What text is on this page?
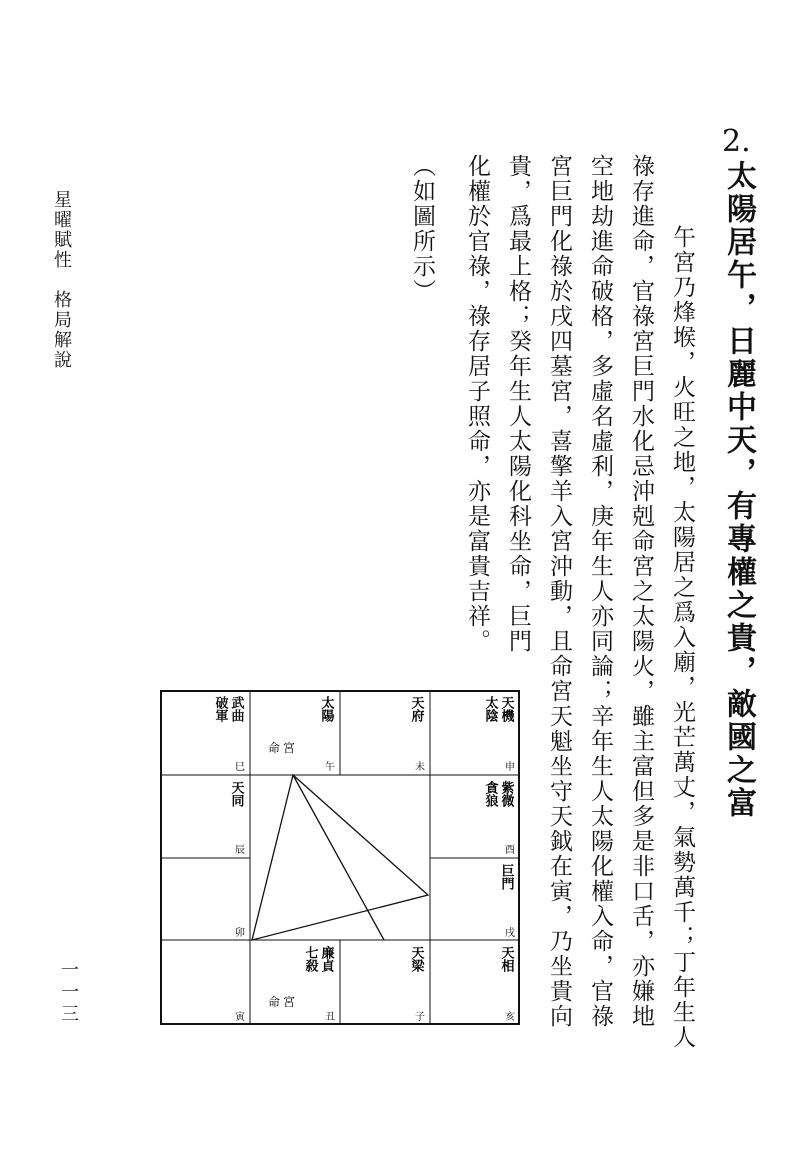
星曜賦性　格局解說
一一三
2.
太陽居午，日麗中天，有專權之貴，敵國之富
　午宮乃烽堠，火旺之地，太陽居之爲入廟，光芒萬丈，氣勢萬千；丁年生人
祿存進命，官祿宮巨門水化忌沖剋命宮之太陽火，雖主富但多是非口舌，亦嫌地
空地劫進命破格，多虛名虛利，庚年生人亦同論；辛年生人太陽化權入命，官祿
宮巨門化祿於戌四墓宮，喜擎羊入宮沖動，且命宮天魁坐守天鉞在寅，乃坐貴向
貴，爲最上格；癸年生人太陽化科坐命，巨門
化權於官祿，祿存居子照命，亦是富貴吉祥。
（如圖所示）
武曲
破軍
巳
太陽
命宮
午
天府
未
天機
太陰
申
天同
辰
紫微
貪狼
酉
卯
巨門
戌
寅
廉貞
七殺
命宮
丑
天梁
子
天相
亥
